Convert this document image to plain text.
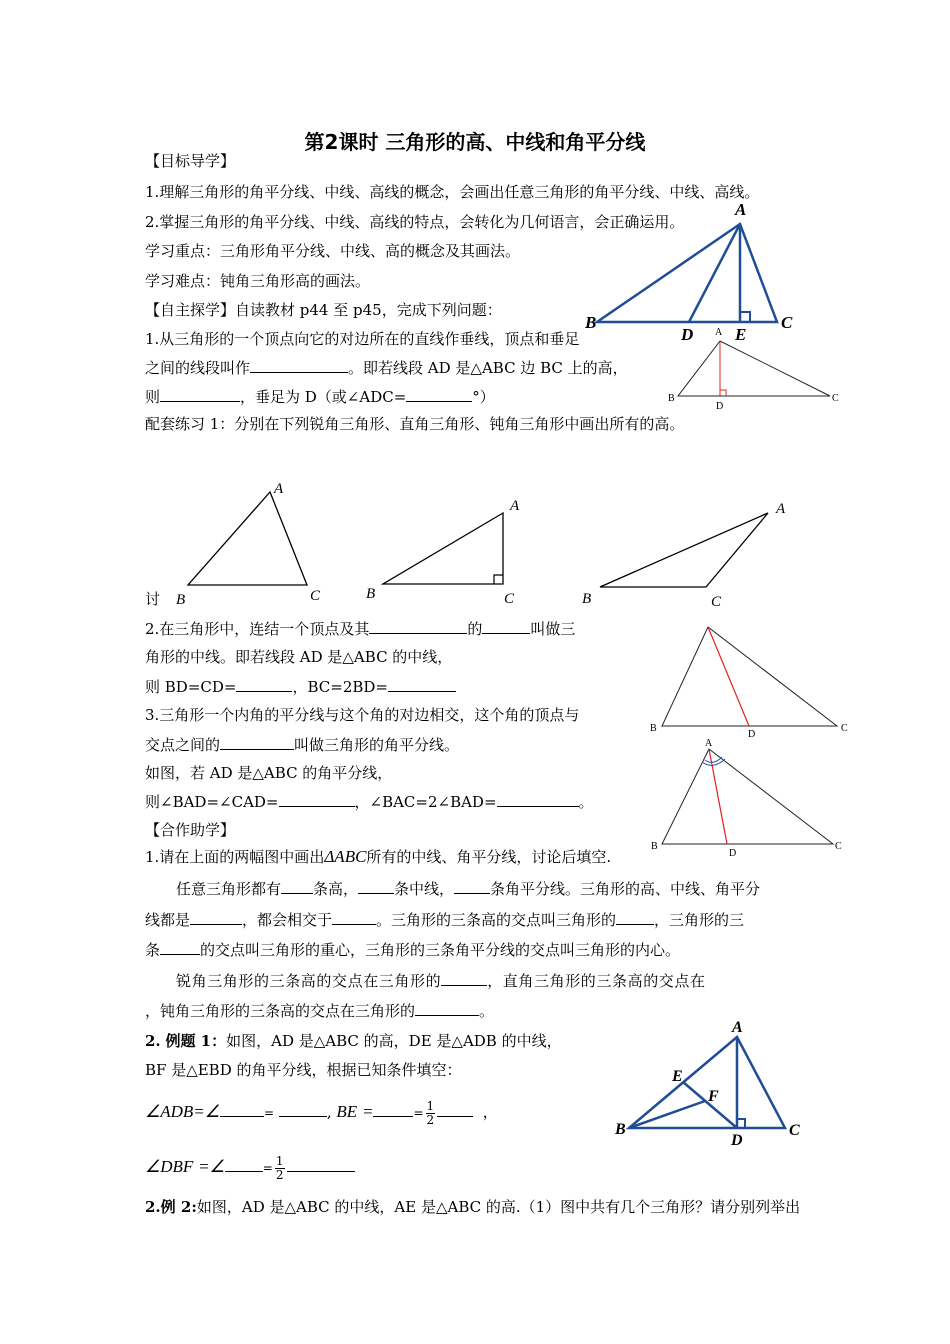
第2课时 三角形的高、中线和角平分线
【目标导学】
1.理解三角形的角平分线、中线、高线的概念，会画出任意三角形的角平分线、中线、高线。
2.掌握三角形的角平分线、中线、高线的特点，会转化为几何语言，会正确运用。
学习重点：三角形角平分线、中线、高的概念及其画法。
学习难点：钝角三角形高的画法。
【自主探学】自读教材 p44 至 p45，完成下列问题：
1.从三角形的一个顶点向它的对边所在的直线作垂线，顶点和垂足
之间的线段叫作	。即若线段 AD 是△ABC 边 BC 上的高，
则	，垂足为 D（或∠ADC=	°）
配套练习 1：分别在下列锐角三角形、直角三角形、钝角三角形中画出所有的高。
讨
2.在三角形中，连结一个顶点及其	的	叫做三
角形的中线。即若线段 AD 是△ABC 的中线，
则 BD=CD=	，BC=2BD=
3.三角形一个内角的平分线与这个角的对边相交，这个角的顶点与
交点之间的	叫做三角形的角平分线。
如图，若 AD 是△ABC 的角平分线，
则∠BAD=∠CAD=	，∠BAC=2∠BAD=	。
【合作助学】
1.请在上面的两幅图中画出ΔABC所有的中线、角平分线，讨论后填空.
任意三角形都有 条高， 条中线， 条角平分线。三角形的高、中线、角平分
线都是	，都会相交于	。三角形的三条高的交点叫三角形的	，三角形的三
条	的交点叫三角形的重心，三角形的三条角平分线的交点叫三角形的内心。
锐角三角形的三条高的交点在三角形的	，直角三角形的三条高的交点在
，钝角三角形的三条高的交点在三角形的	。
2. 例题 1：如图，AD 是△ABC 的高，DE 是△ADB 的中线，
BF 是△EBD 的角平分线，根据已知条件填空：
∠ADB=∠	=	, BE =	= $\frac{1}{2}$	，
∠DBF =∠	= $\frac{1}{2}$
2.例 2:如图，AD 是△ABC 的中线，AE 是△ABC 的高.（1）图中共有几个三角形？请分别列举出
A
B
D E
C
A
B
D
C
A
B	C
A
B	C
A
B	C
B
D
C
A
B
D
C
A
E
F
B
D
C
